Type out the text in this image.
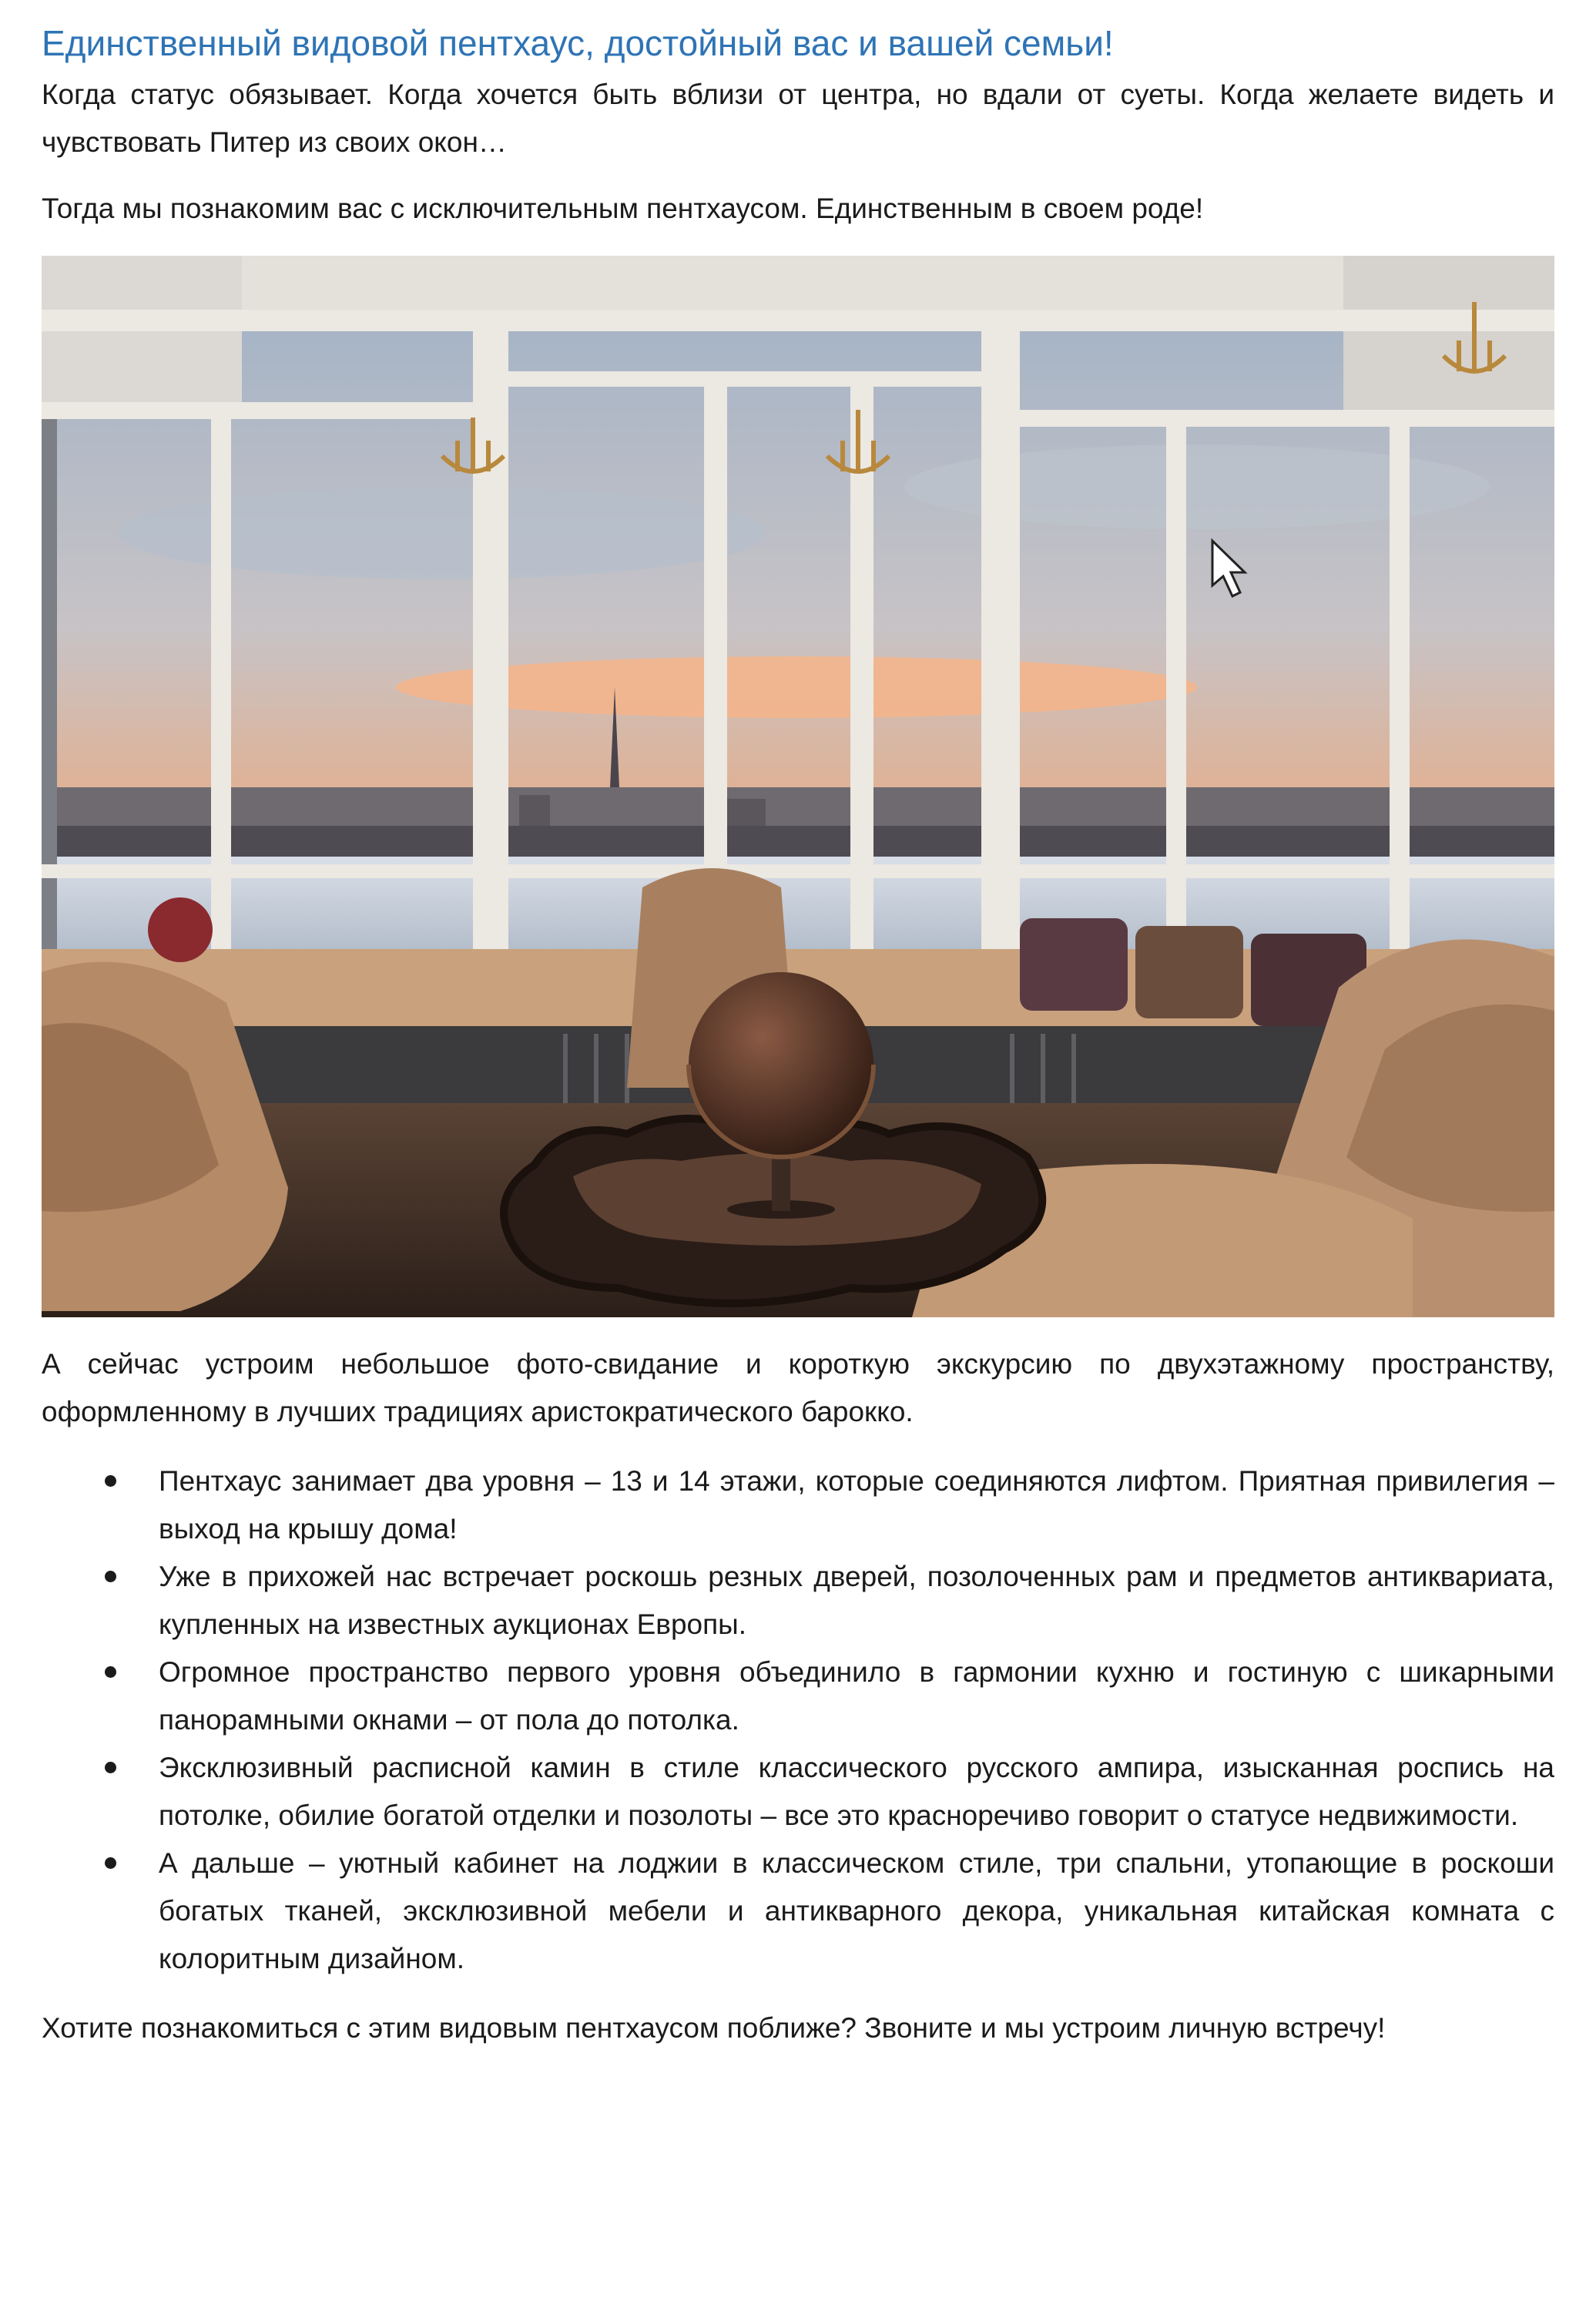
Единственный видовой пентхаус, достойный вас и вашей семьи!

Когда статус обязывает. Когда хочется быть вблизи от центра, но вдали от суеты. Когда желаете видеть и чувствовать Питер из своих окон…

Тогда мы познакомим вас с исключительным пентхаусом. Единственным в своем роде!

А сейчас устроим небольшое фото-свидание и короткую экскурсию по двухэтажному пространству, оформленному в лучших традициях аристократического барокко.

Пентхаус занимает два уровня – 13 и 14 этажи, которые соединяются лифтом. Приятная привилегия – выход на крышу дома!
Уже в прихожей нас встречает роскошь резных дверей, позолоченных рам и предметов антиквариата, купленных на известных аукционах Европы.
Огромное пространство первого уровня объединило в гармонии кухню и гостиную с шикарными панорамными окнами – от пола до потолка.
Эксклюзивный расписной камин в стиле классического русского ампира, изысканная роспись на потолке, обилие богатой отделки и позолоты – все это красноречиво говорит о статусе недвижимости.
А дальше – уютный кабинет на лоджии в классическом стиле, три спальни, утопающие в роскоши богатых тканей, эксклюзивной мебели и антикварного декора, уникальная китайская комната с колоритным дизайном.

Хотите познакомиться с этим видовым пентхаусом поближе? Звоните и мы устроим личную встречу!
